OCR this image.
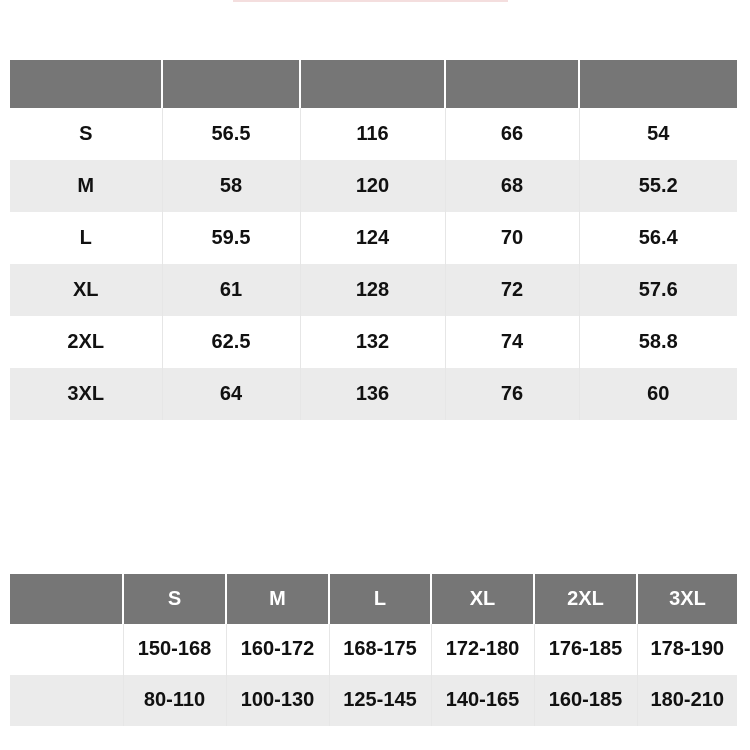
S	56.5	116	66	54
M	58	120	68	55.2
L	59.5	124	70	56.4
XL	61	128	72	57.6
2XL	62.5	132	74	58.8
3XL	64	136	76	60
	S	M	L	XL	2XL	3XL
	150-168	160-172	168-175	172-180	176-185	178-190
	80-110	100-130	125-145	140-165	160-185	180-210
